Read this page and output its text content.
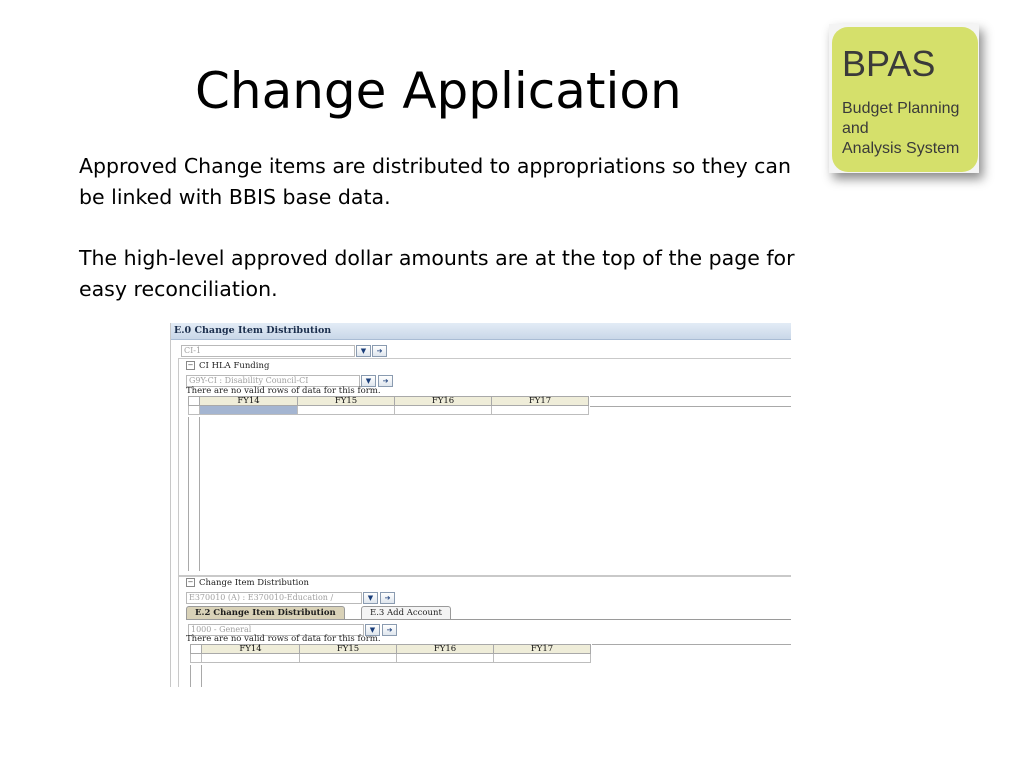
Change Application

Approved Change items are distributed to appropriations so they can be linked with BBIS base data.

The high-level approved dollar amounts are at the top of the page for easy reconciliation.

BPAS
Budget Planning
and
Analysis System
E.0 Change Item Distribution
CI-1	▼	➔
− CI HLA Funding
G9Y-CI : Disability Council-CI	▼	➔
There are no valid rows of data for this form.
	FY14	FY15	FY16	FY17

− Change Item Distribution
E370010 (A) : E370010-Education /	▼	➔
E.2 Change Item Distribution	E.3 Add Account
1000 - General	▼	➔
There are no valid rows of data for this form.
	FY14	FY15	FY16	FY17
